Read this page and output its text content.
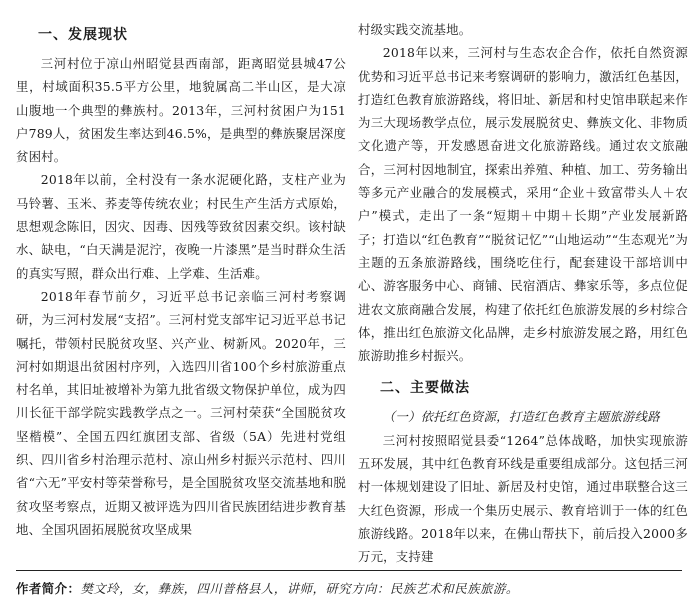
一、发展现状

三河村位于凉山州昭觉县西南部，距离昭觉县城47公里，村域面积35.5平方公里，地貌属高二半山区，是大凉山腹地一个典型的彝族村。2013年，三河村贫困户为151户789人，贫困发生率达到46.5%，是典型的彝族聚居深度贫困村。

2018年以前，全村没有一条水泥硬化路，支柱产业为马铃薯、玉米、荞麦等传统农业；村民生产生活方式原始，思想观念陈旧，因灾、因毒、因残等致贫因素交织。该村缺水、缺电，“白天满是泥泞，夜晚一片漆黑”是当时群众生活的真实写照，群众出行难、上学难、生活难。

2018年春节前夕，习近平总书记亲临三河村考察调研，为三河村发展“支招”。三河村党支部牢记习近平总书记嘱托，带领村民脱贫攻坚、兴产业、树新风。2020年，三河村如期退出贫困村序列，入选四川省100个乡村旅游重点村名单，其旧址被增补为第九批省级文物保护单位，成为四川长征干部学院实践教学点之一。三河村荣获“全国脱贫攻坚楷模”、全国五四红旗团支部、省级（5A）先进村党组织、四川省乡村治理示范村、凉山州乡村振兴示范村、四川省“六无”平安村等荣誉称号，是全国脱贫攻坚交流基地和脱贫攻坚考察点，近期又被评选为四川省民族团结进步教育基地、全国巩固拓展脱贫攻坚成果

村级实践交流基地。

2018年以来，三河村与生态农企合作，依托自然资源优势和习近平总书记来考察调研的影响力，激活红色基因，打造红色教育旅游路线，将旧址、新居和村史馆串联起来作为三大现场教学点位，展示发展脱贫史、彝族文化、非物质文化遗产等，开发感恩奋进文化旅游路线。通过农文旅融合，三河村因地制宜，探索出养殖、种植、加工、劳务输出等多元产业融合的发展模式，采用“企业＋致富带头人＋农户”模式，走出了一条“短期＋中期＋长期”产业发展新路子；打造以“红色教育”“脱贫记忆”“山地运动”“生态观光”为主题的五条旅游路线，围绕吃住行，配套建设干部培训中心、游客服务中心、商铺、民宿酒店、彝家乐等，多点位促进农文旅商融合发展，构建了依托红色旅游发展的乡村综合体，推出红色旅游文化品牌，走乡村旅游发展之路，用红色旅游助推乡村振兴。

二、主要做法

（一）依托红色资源，打造红色教育主题旅游线路

三河村按照昭觉县委“1264”总体战略，加快实现旅游五环发展，其中红色教育环线是重要组成部分。这包括三河村一体规划建设了旧址、新居及村史馆，通过串联整合这三大红色资源，形成一个集历史展示、教育培训于一体的红色旅游线路。2018年以来，在佛山帮扶下，前后投入2000多万元，支持建

作者简介：樊文玲，女，彝族，四川普格县人，讲师，研究方向：民族艺术和民族旅游。
